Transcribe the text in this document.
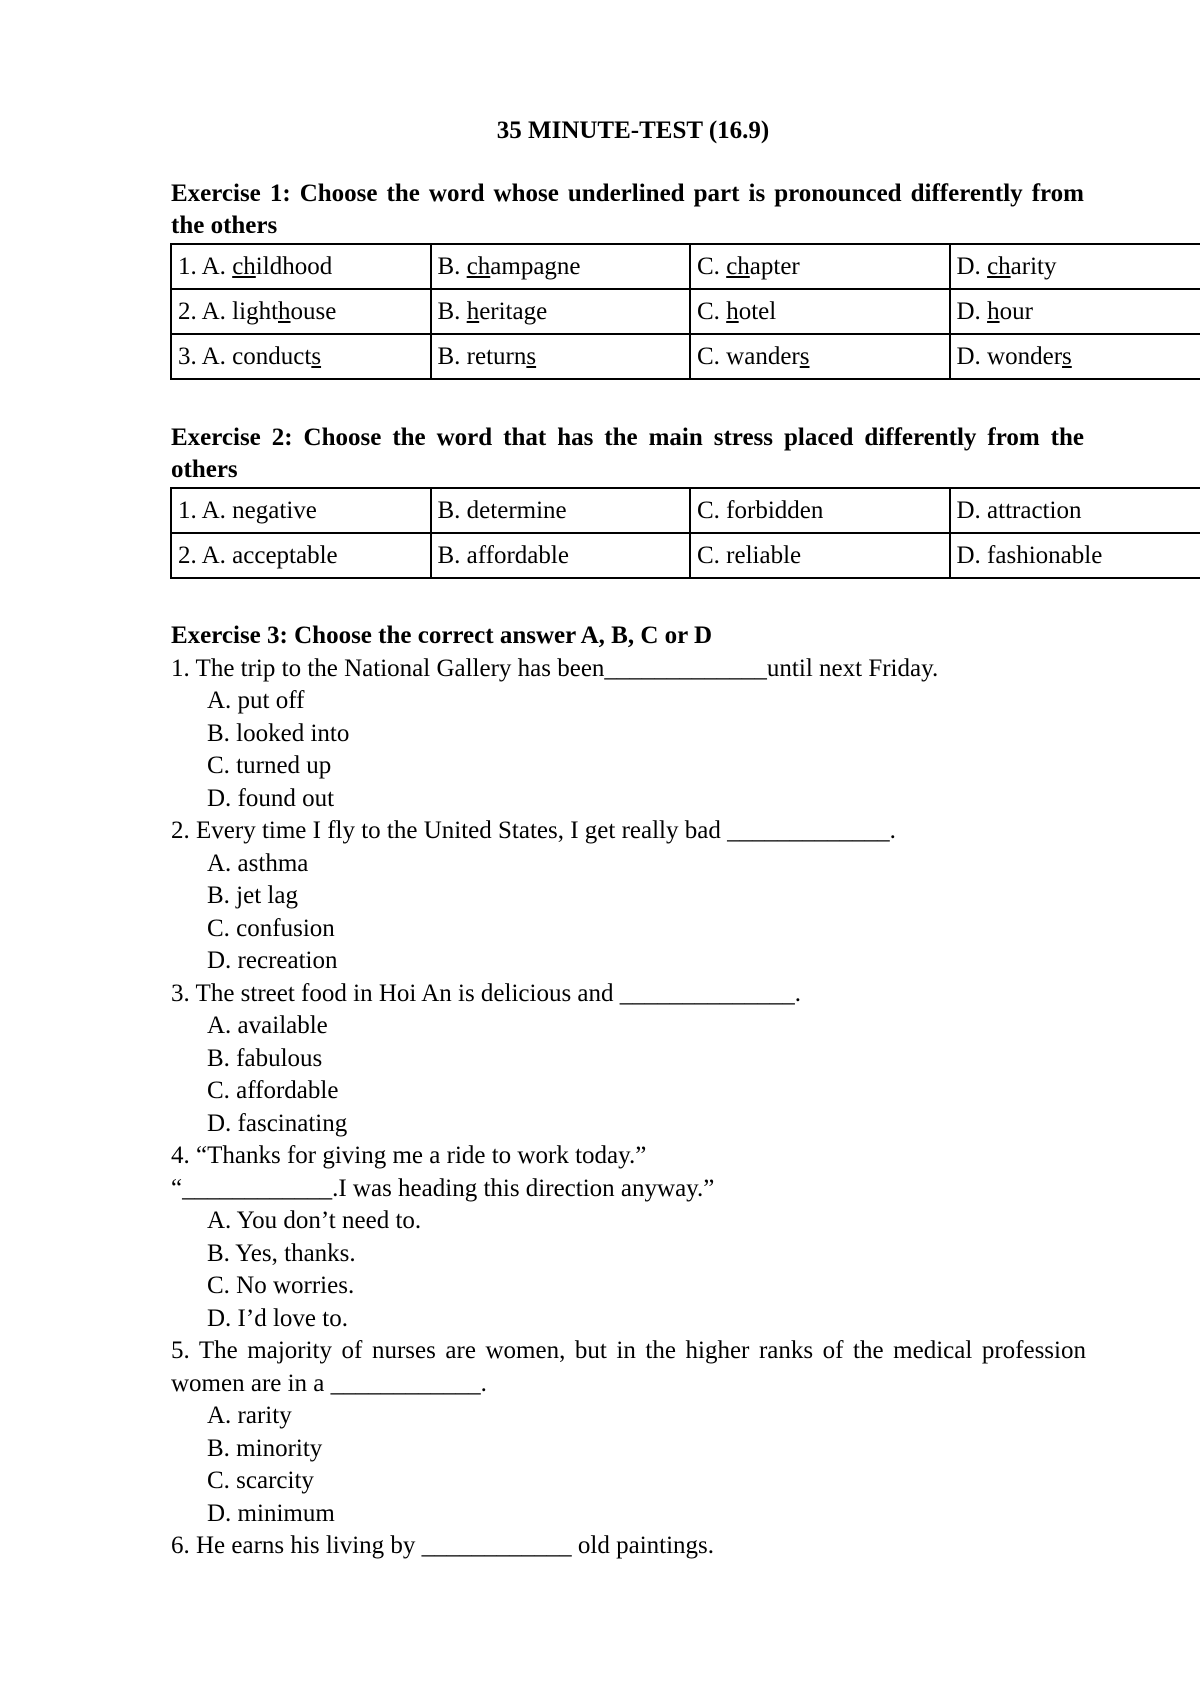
35 MINUTE-TEST (16.9)
Exercise 1: Choose the word whose underlined part is pronounced differently from the others
1. A. childhood	B. champagne	C. chapter	D. charity
2. A. lighthouse	B. heritage	C. hotel	D. hour
3. A. conducts	B. returns	C. wanders	D. wonders
Exercise 2: Choose the word that has the main stress placed differently from the others
1. A. negative	B. determine	C. forbidden	D. attraction
2. A. acceptable	B. affordable	C. reliable	D. fashionable
Exercise 3: Choose the correct answer A, B, C or D
1. The trip to the National Gallery has been_____________until next Friday.
A. put off
B. looked into
C. turned up
D. found out
2. Every time I fly to the United States, I get really bad _____________.
A. asthma
B. jet lag
C. confusion
D. recreation
3. The street food in Hoi An is delicious and ______________.
A. available
B. fabulous
C. affordable
D. fascinating
4. “Thanks for giving me a ride to work today.”
“____________.I was heading this direction anyway.”
A. You don’t need to.
B. Yes, thanks.
C. No worries.
D. I’d love to.
5. The majority of nurses are women, but in the higher ranks of the medical profession women are in a ____________.
A. rarity
B. minority
C. scarcity
D. minimum
6. He earns his living by ____________ old paintings.
